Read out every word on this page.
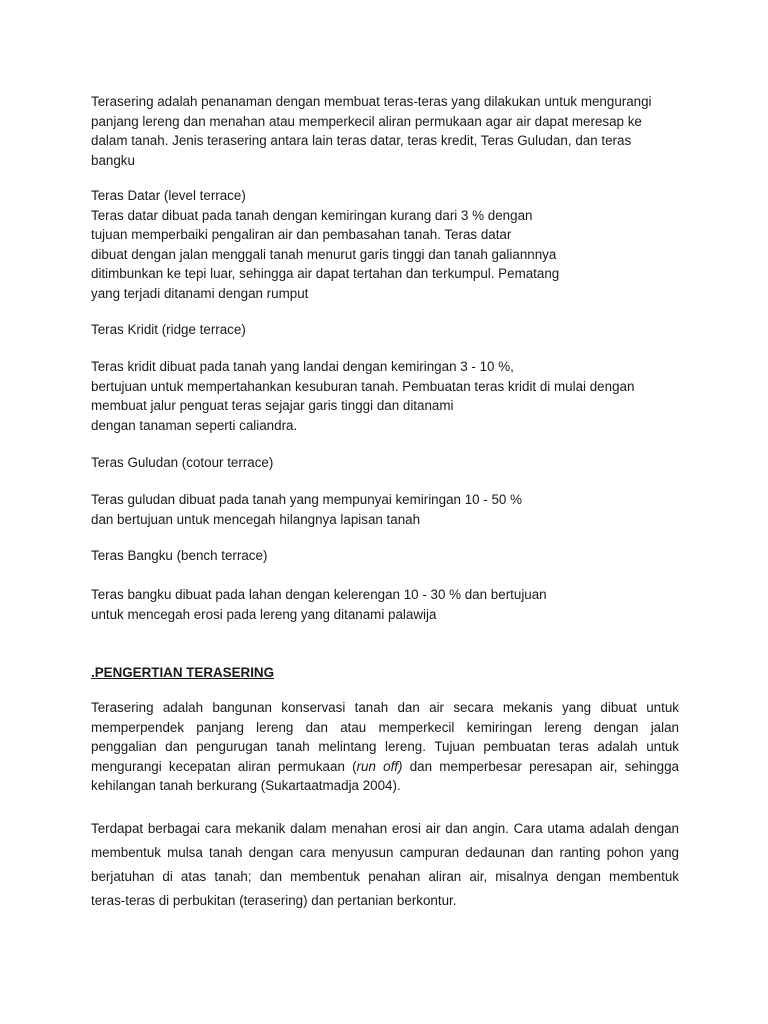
Terasering adalah penanaman dengan membuat teras-teras yang dilakukan untuk mengurangi
panjang lereng dan menahan atau memperkecil aliran permukaan agar air dapat meresap ke
dalam tanah. Jenis terasering antara lain teras datar, teras kredit, Teras Guludan, dan teras
bangku
Teras Datar (level terrace)
Teras datar dibuat pada tanah dengan kemiringan kurang dari 3 % dengan
tujuan memperbaiki pengaliran air dan pembasahan tanah. Teras datar
dibuat dengan jalan menggali tanah menurut garis tinggi dan tanah galiannnya
ditimbunkan ke tepi luar, sehingga air dapat tertahan dan terkumpul. Pematang
yang terjadi ditanami dengan rumput
Teras Kridit (ridge terrace)
Teras kridit dibuat pada tanah yang landai dengan kemiringan 3 - 10 %,
bertujuan untuk mempertahankan kesuburan tanah. Pembuatan teras kridit di mulai dengan
membuat jalur penguat teras sejajar garis tinggi dan ditanami
dengan tanaman seperti caliandra.
Teras Guludan (cotour terrace)
Teras guludan dibuat pada tanah yang mempunyai kemiringan 10 - 50 %
dan bertujuan untuk mencegah hilangnya lapisan tanah
Teras Bangku (bench terrace)
Teras bangku dibuat pada lahan dengan kelerengan 10 - 30 % dan bertujuan
untuk mencegah erosi pada lereng yang ditanami palawija
.PENGERTIAN TERASERING
Terasering adalah bangunan konservasi tanah dan air secara mekanis yang dibuat untuk
memperpendek panjang lereng dan atau memperkecil kemiringan lereng dengan jalan
penggalian dan pengurugan tanah melintang lereng. Tujuan pembuatan teras adalah untuk
mengurangi kecepatan aliran permukaan (run off) dan memperbesar peresapan air, sehingga
kehilangan tanah berkurang (Sukartaatmadja 2004).
Terdapat berbagai cara mekanik dalam menahan erosi air dan angin. Cara utama adalah dengan
membentuk mulsa tanah dengan cara menyusun campuran dedaunan dan ranting pohon yang
berjatuhan di atas tanah; dan membentuk penahan aliran air, misalnya dengan membentuk
teras-teras di perbukitan (terasering) dan pertanian berkontur.
